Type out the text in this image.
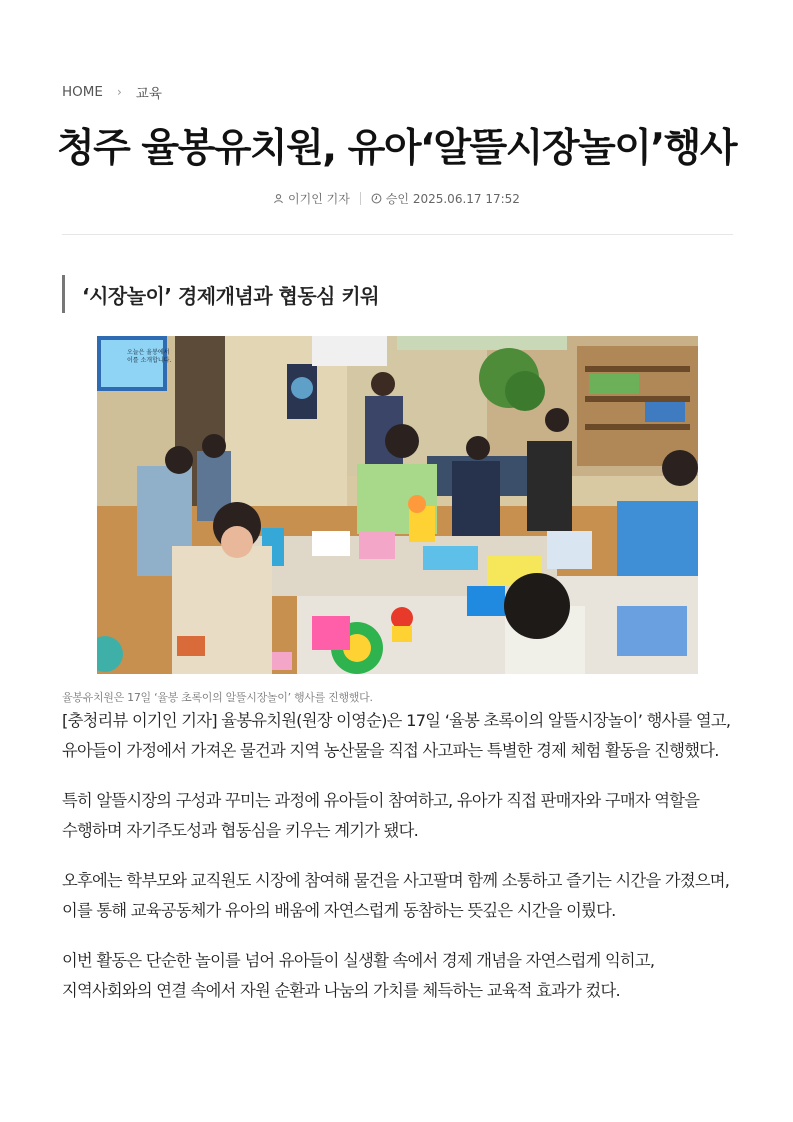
HOME › 교육
청주 율봉유치원, 유아‘알뜰시장놀이’행사
이기인 기자	승인 2025.06.17 17:52
‘시장놀이’ 경제개념과 협동심 키워
오늘은 율봉에서 이를 소개합니다.
율봉유치원은 17일 ‘율봉 초록이의 알뜰시장놀이’ 행사를 진행했다.

[충청리뷰 이기인 기자] 율봉유치원(원장 이영순)은 17일 ‘율봉 초록이의 알뜰시장놀이’ 행사를 열고, 유아들이 가정에서 가져온 물건과 지역 농산물을 직접 사고파는 특별한 경제 체험 활동을 진행했다.

특히 알뜰시장의 구성과 꾸미는 과정에 유아들이 참여하고, 유아가 직접 판매자와 구매자 역할을 수행하며 자기주도성과 협동심을 키우는 계기가 됐다.

오후에는 학부모와 교직원도 시장에 참여해 물건을 사고팔며 함께 소통하고 즐기는 시간을 가졌으며, 이를 통해 교육공동체가 유아의 배움에 자연스럽게 동참하는 뜻깊은 시간을 이뤘다.

이번 활동은 단순한 놀이를 넘어 유아들이 실생활 속에서 경제 개념을 자연스럽게 익히고, 지역사회와의 연결 속에서 자원 순환과 나눔의 가치를 체득하는 교육적 효과가 컸다.
